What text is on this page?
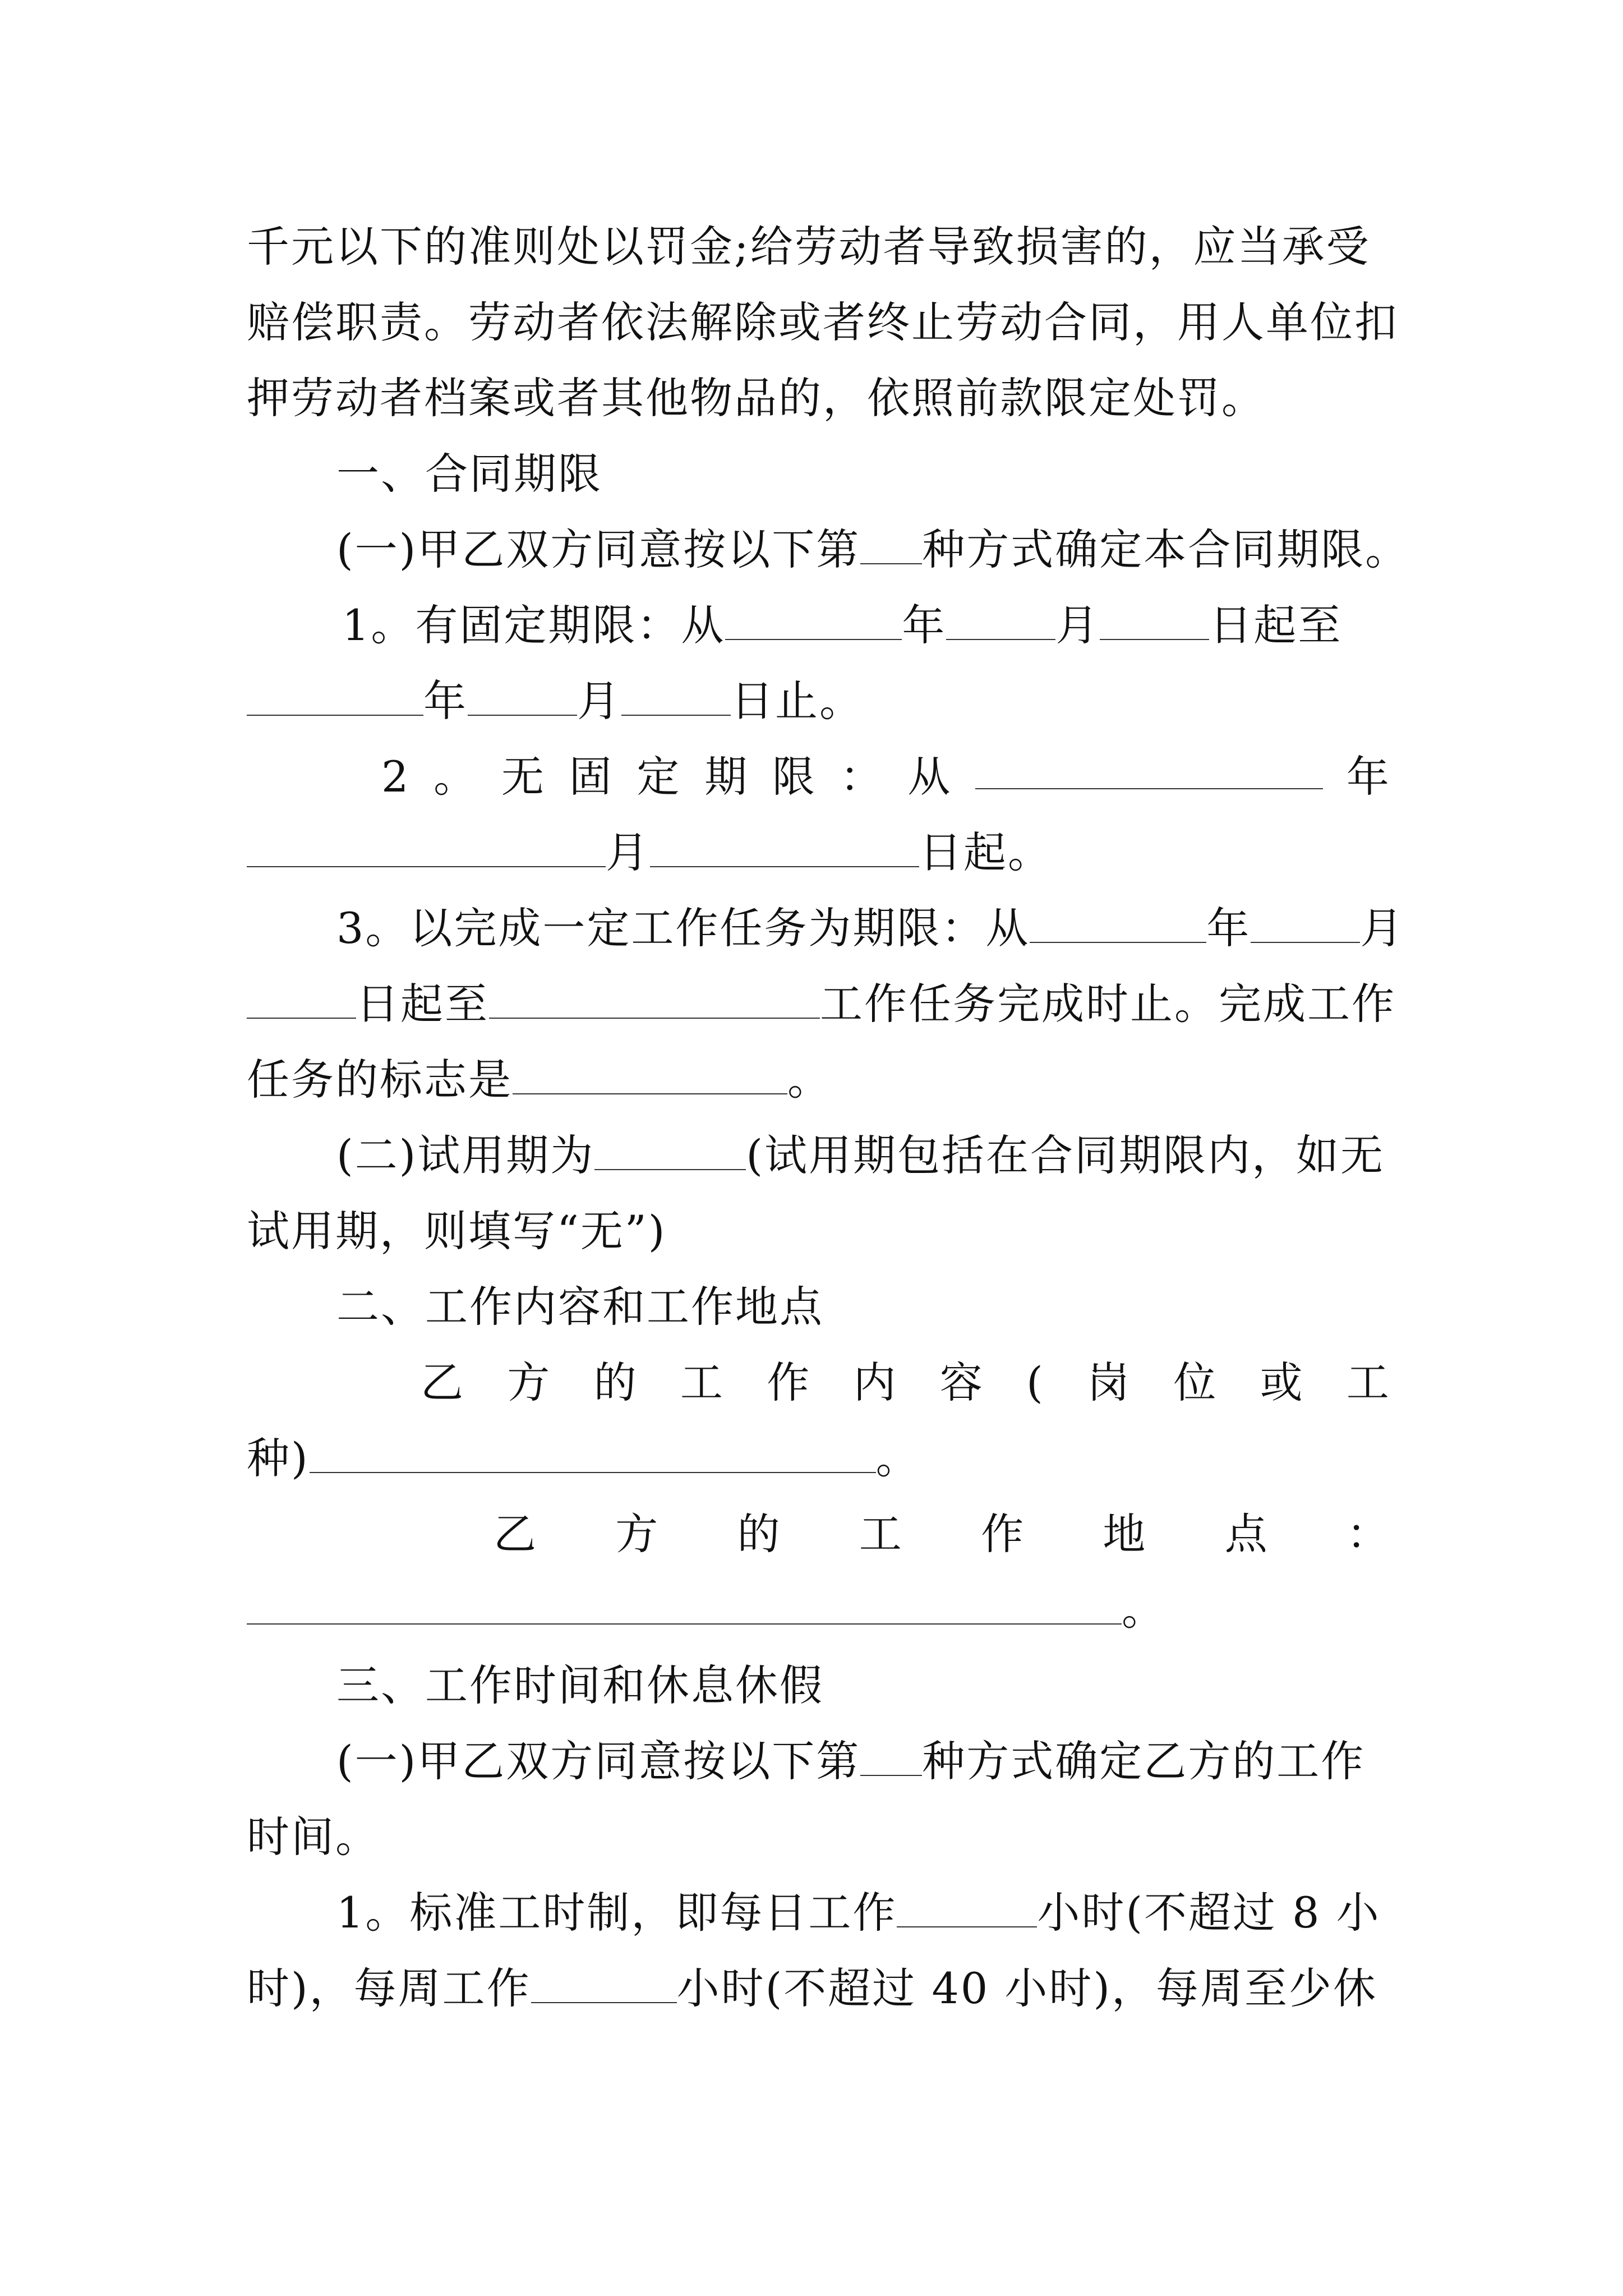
千元以下的准则处以罚金;给劳动者导致损害的，应当承受
赔偿职责。劳动者依法解除或者终止劳动合同，用人单位扣
押劳动者档案或者其他物品的，依照前款限定处罚。
一、合同期限
(一)甲乙双方同意按以下第 种方式确定本合同期限。
1。有固定期限：从	年	月	日起至
年	月	日止。
2 。 无 固 定 期 限 ： 从	年
月	日起。
3。以完成一定工作任务为期限：从	年	月
日起至	工作任务完成时止。完成工作
任务的标志是	。
(二)试用期为	(试用期包括在合同期限内，如无
试用期，则填写“无”)
二、工作内容和工作地点
乙 方 的 工 作 内 容 ( 岗 位 或 工
种)	。
乙 方 的 工 作 地 点 ：
。
三、工作时间和休息休假
(一)甲乙双方同意按以下第 种方式确定乙方的工作
时间。
1。标准工时制，即每日工作	小时(不超过 8 小
时)，每周工作	小时(不超过 40 小时)，每周至少休
